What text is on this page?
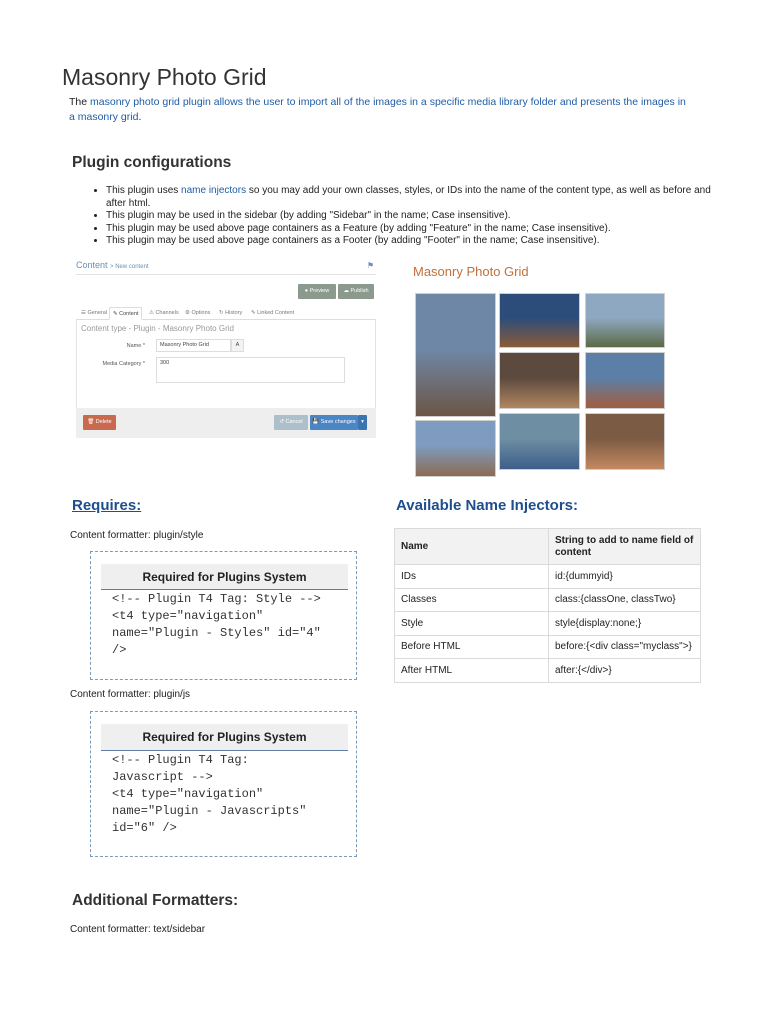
Masonry Photo Grid
The masonry photo grid plugin allows the user to import all of the images in a specific media library folder and presents the images in a masonry grid.
Plugin configurations
• This plugin uses name injectors so you may add your own classes, styles, or IDs into the name of the content type, as well as before and after html.
• This plugin may be used in the sidebar (by adding "Sidebar" in the name; Case insensitive).
• This plugin may be used above page containers as a Feature (by adding "Feature" in the name; Case insensitive).
• This plugin may be used above page containers as a Footer (by adding "Footer" in the name; Case insensitive).
Content > New content	⚑
● Preview	☁ Publish
☰ General	✎ Content	⚠ Channels	⚙ Options	↻ History	✎ Linked Content
Content type - Plugin - Masonry Photo Grid
Name *	Masonry Photo Grid	A
Media Category *	300
🗑 Delete	↺ Cancel	💾 Save changes ▾
Masonry Photo Grid
Requires:
Content formatter: plugin/style
Required for Plugins System
<!-- Plugin T4 Tag: Style -->
<t4 type="navigation"
name="Plugin - Styles" id="4"
/>
Content formatter: plugin/js
Required for Plugins System
<!-- Plugin T4 Tag:
Javascript -->
<t4 type="navigation"
name="Plugin - Javascripts"
id="6" />
Additional Formatters:
Content formatter: text/sidebar
Available Name Injectors:
Name	String to add to name field of content
IDs	id:{dummyid}
Classes	class:{classOne, classTwo}
Style	style{display:none;}
Before HTML	before:{<div class="myclass">}
After HTML	after:{</div>}
